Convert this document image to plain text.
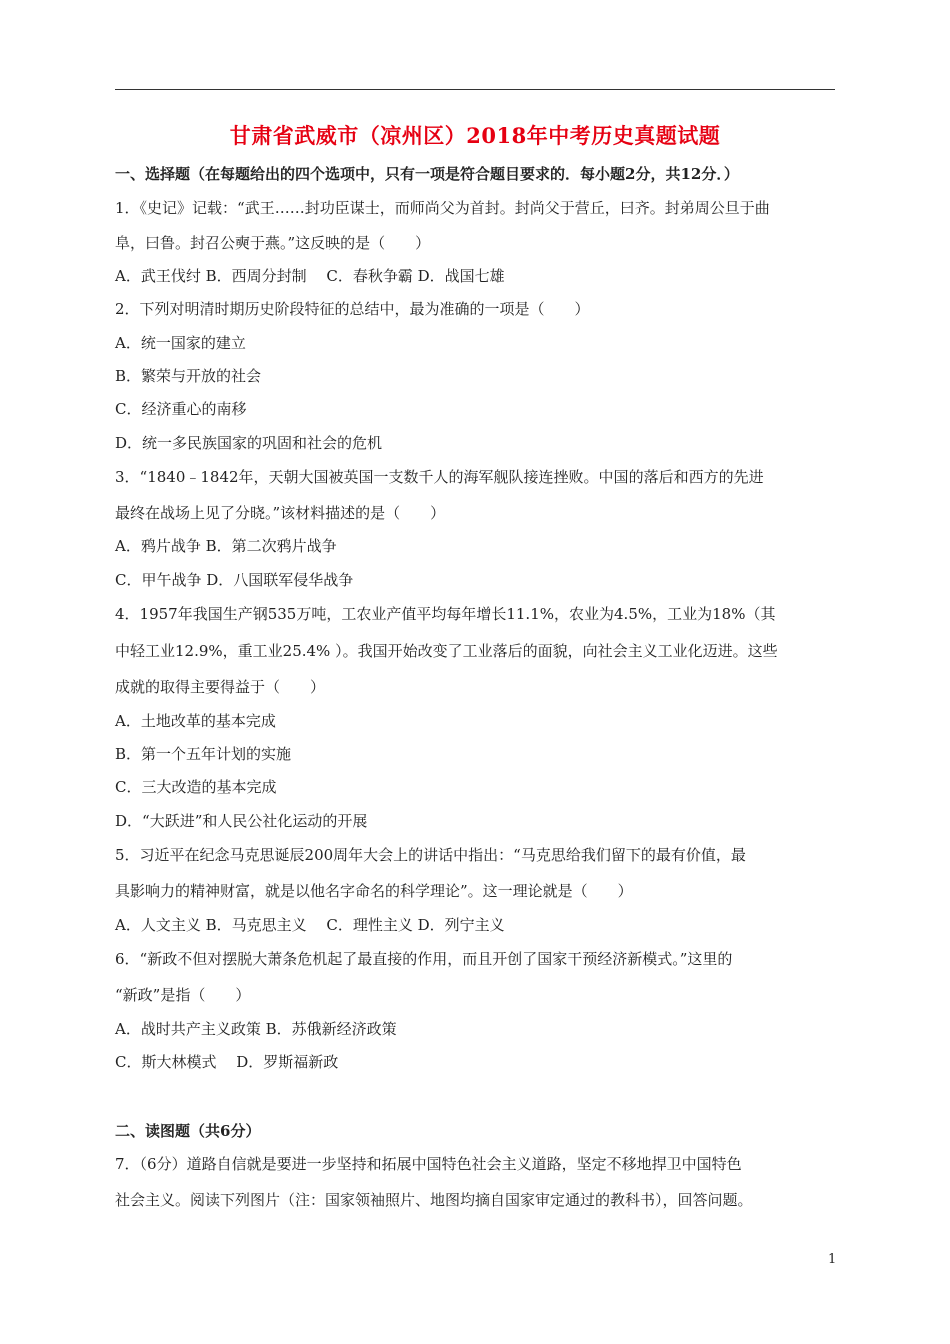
甘肃省武威市（凉州区）2018年中考历史真题试题
一、选择题（在每题给出的四个选项中，只有一项是符合题目要求的．每小题2分，共12分．）
1．《史记》记载：“武王……封功臣谋士，而师尚父为首封。封尚父于营丘，曰齐。封弟周公旦于曲
阜，曰鲁。封召公奭于燕。”这反映的是（　　）
A．武王伐纣 B．西周分封制　 C．春秋争霸 D．战国七雄
2．下列对明清时期历史阶段特征的总结中，最为准确的一项是（　　）
A．统一国家的建立
B．繁荣与开放的社会
C．经济重心的南移
D．统一多民族国家的巩固和社会的危机
3．“1840﹣1842年，天朝大国被英国一支数千人的海军舰队接连挫败。中国的落后和西方的先进
最终在战场上见了分晓。”该材料描述的是（　　）
A．鸦片战争 B．第二次鸦片战争
C．甲午战争 D．八国联军侵华战争
4．1957年我国生产钢535万吨，工农业产值平均每年增长11.1%，农业为4.5%，工业为18%（其
中轻工业12.9%，重工业25.4% ）。我国开始改变了工业落后的面貌，向社会主义工业化迈进。这些
成就的取得主要得益于（　　）
A．土地改革的基本完成
B．第一个五年计划的实施
C．三大改造的基本完成
D．“大跃进”和人民公社化运动的开展
5．习近平在纪念马克思诞辰200周年大会上的讲话中指出：“马克思给我们留下的最有价值，最
具影响力的精神财富，就是以他名字命名的科学理论”。这一理论就是（　　）
A．人文主义 B．马克思主义　 C．理性主义 D．列宁主义
6．“新政不但对摆脱大萧条危机起了最直接的作用，而且开创了国家干预经济新模式。”这里的
“新政”是指（　　）
A．战时共产主义政策 B．苏俄新经济政策
C．斯大林模式　 D．罗斯福新政
二、读图题（共6分）
7．（6分）道路自信就是要进一步坚持和拓展中国特色社会主义道路，坚定不移地捍卫中国特色
社会主义。阅读下列图片（注：国家领袖照片、地图均摘自国家审定通过的教科书），回答问题。
1
